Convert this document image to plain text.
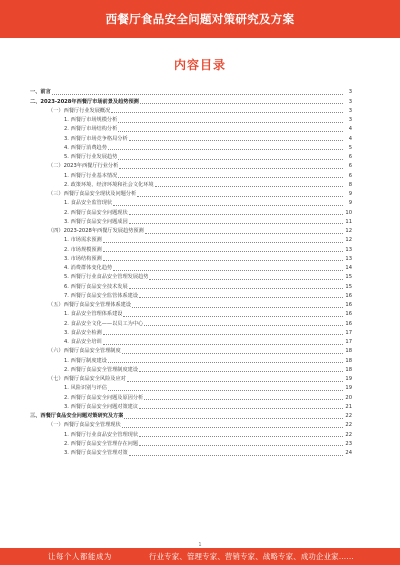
西餐厅食品安全问题对策研究及方案
内容目录
一、前言	3
二、2023-2028年西餐厅市场前景及趋势预测	3
（一）西餐厅行业发展概况	3
1. 西餐厅市场规模分析	3
2. 西餐厅市场结构分析	4
3. 西餐厅市场竞争格局分析	4
4. 西餐厅消费趋势	5
5. 西餐厅行业发展趋势	6
（二）2023年西餐厅行业分析	6
1. 西餐厅行业基本情况	6
2. 政策环境、经济环境和社会文化环境	8
（三）西餐厅食品安全现状及问题分析	9
1. 食品安全监管现状	9
2. 西餐厅食品安全问题现状	10
3. 西餐厅食品安全问题成因	11
（四）2023-2028年西餐厅发展趋势预测	12
1. 市场需求预测	12
2. 市场规模预测	13
3. 市场结构预测	13
4. 消费群体变化趋势	14
5. 西餐厅行业食品安全管理发展趋势	15
6. 西餐厅食品安全技术发展	15
7. 西餐厅食品安全监管体系建设	16
（五）西餐厅食品安全管理体系建设	16
1. 食品安全管理体系建设	16
2. 食品安全文化——以员工为中心	16
3. 食品安全检测	17
4. 食品安全培训	17
（六）西餐厅食品安全管理制度	18
1. 西餐厅制度建设	18
2. 西餐厅食品安全管理制度建设	18
（七）西餐厅食品安全风险及应对	19
1. 风险识别与评估	19
2. 西餐厅食品安全问题及原因分析	20
3. 西餐厅食品安全问题对策建议	21
三、西餐厅食品安全问题对策研究及方案	22
（一）西餐厅食品安全管理现状	22
1. 西餐厅行业食品安全管理现状	22
2. 西餐厅食品安全管理存在问题	23
3. 西餐厅食品安全管理对策	24
1
让每个人都能成为	行业专家、管理专家、营销专家、战略专家、成功企业家……
